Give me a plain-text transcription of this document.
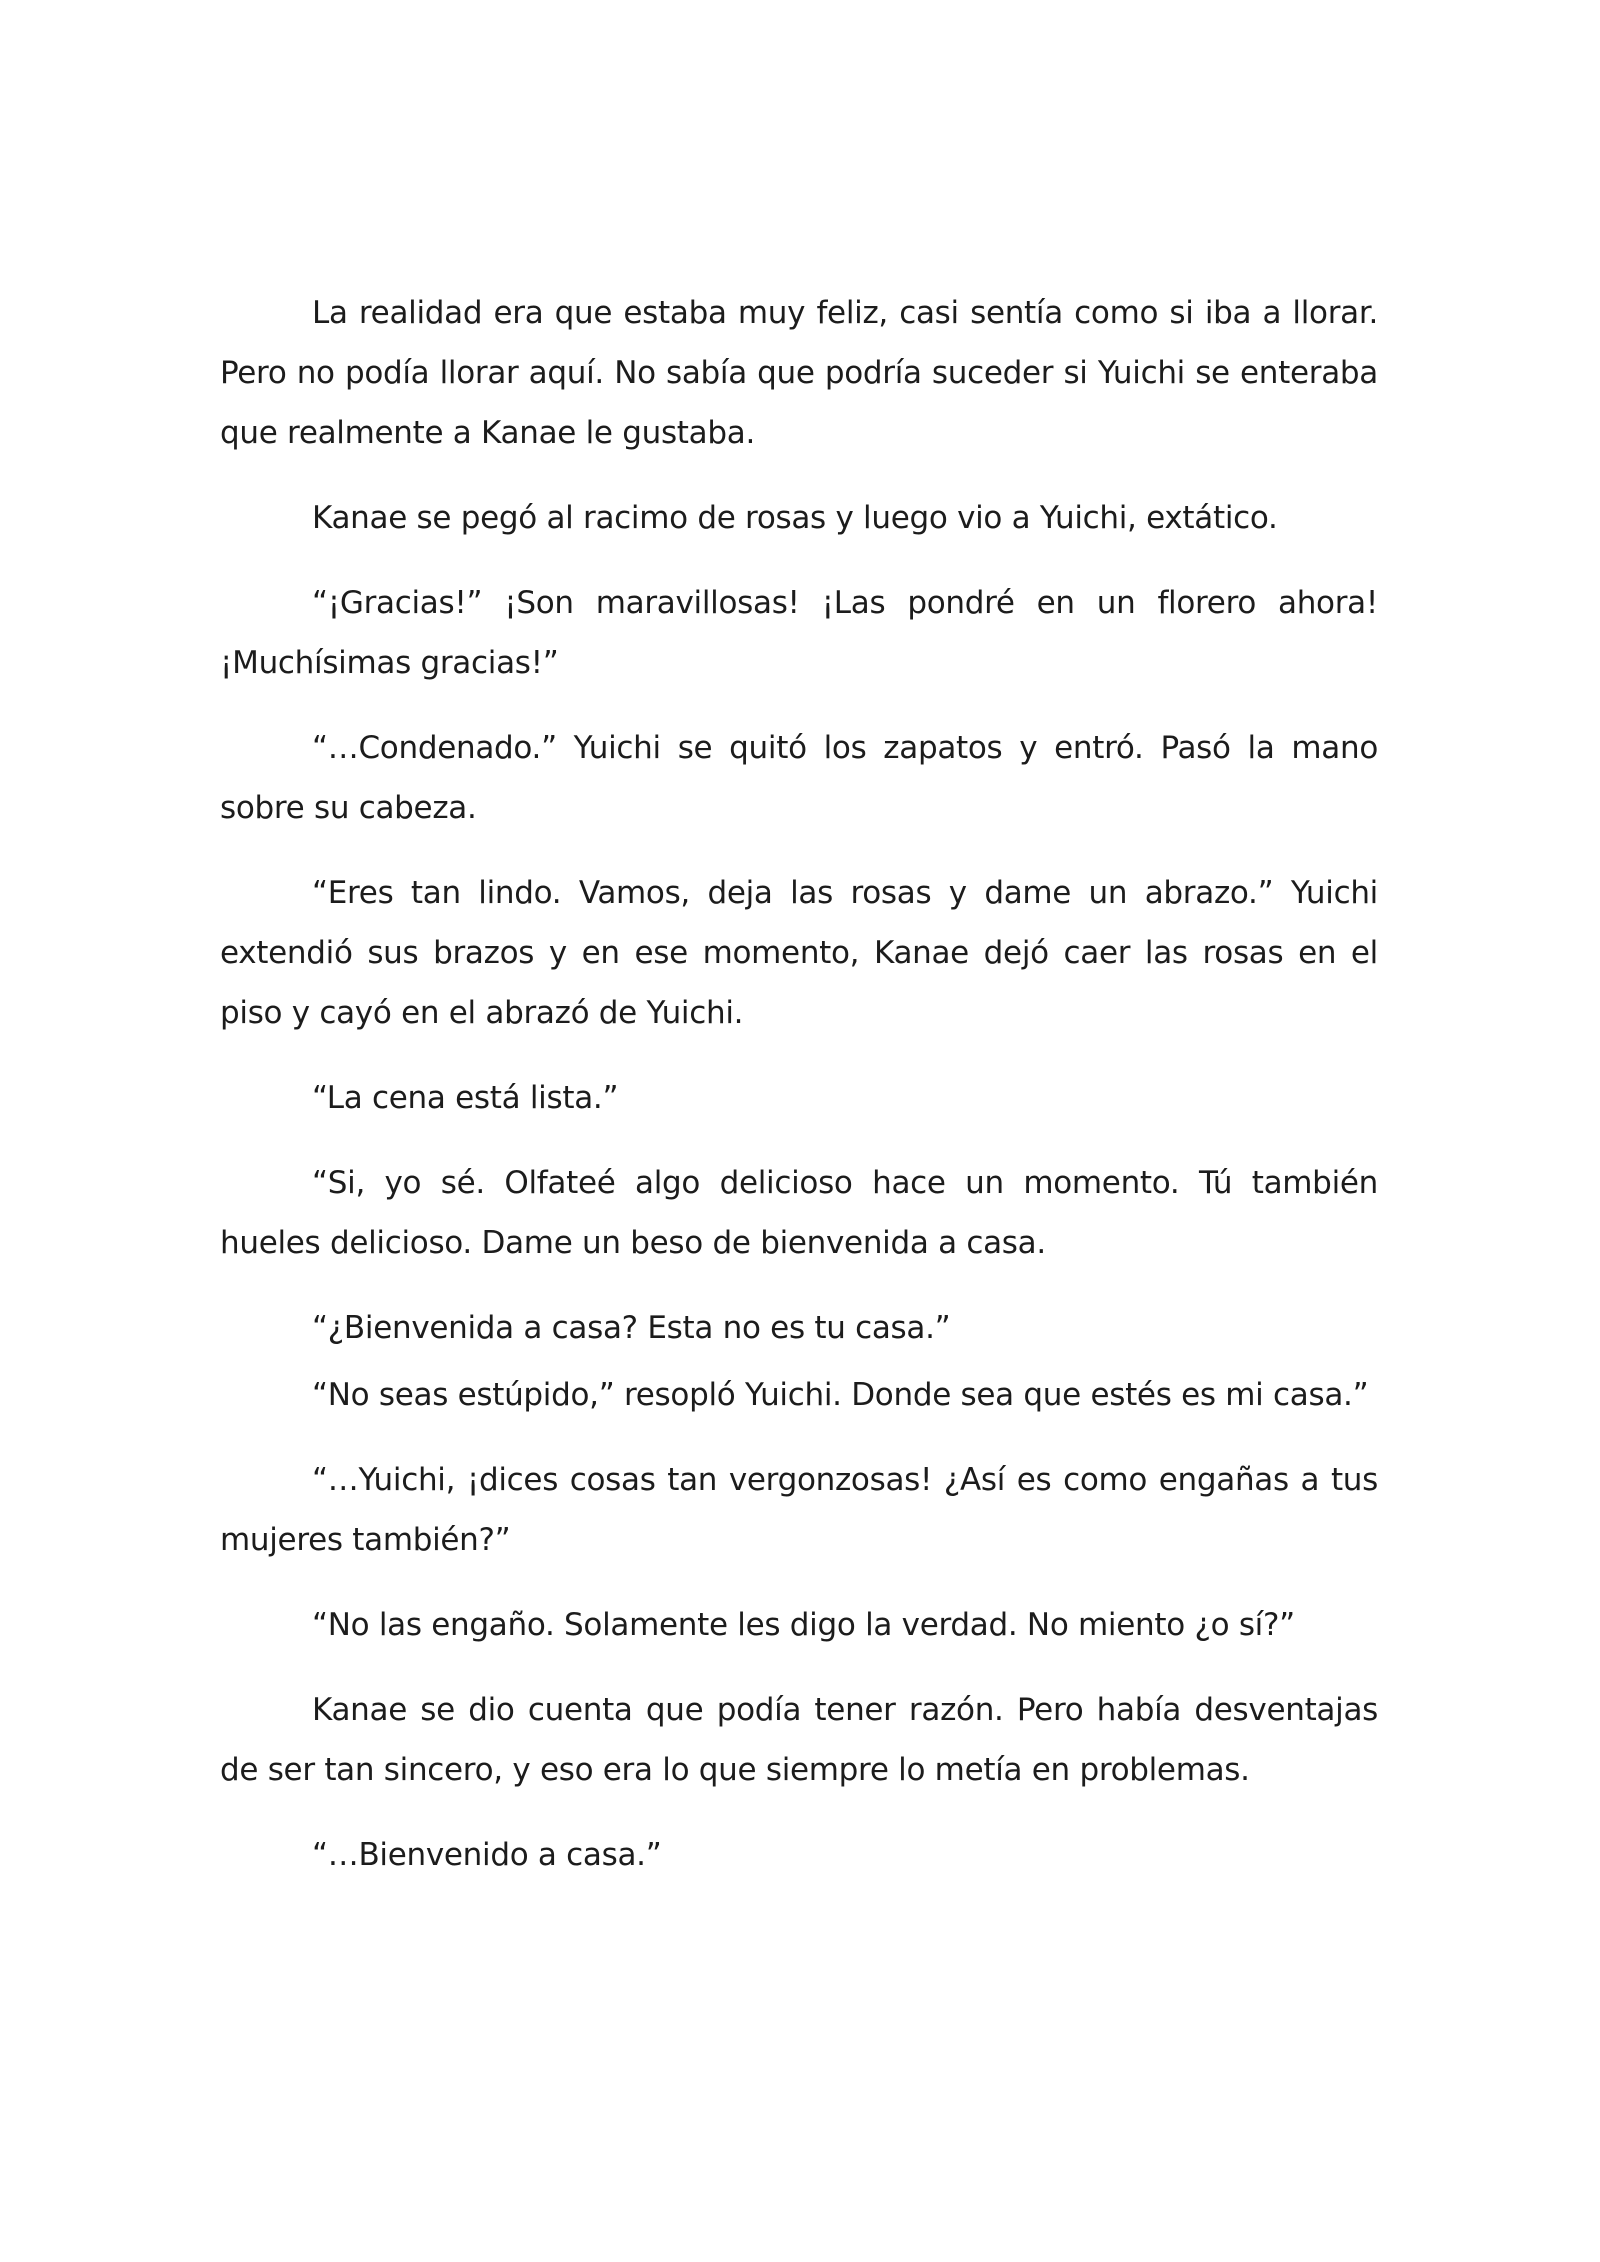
La realidad era que estaba muy feliz, casi sentía como si iba a llorar. Pero no podía llorar aquí. No sabía que podría suceder si Yuichi se enteraba que realmente a Kanae le gustaba.

Kanae se pegó al racimo de rosas y luego vio a Yuichi, extático.

“¡Gracias!” ¡Son maravillosas! ¡Las pondré en un florero ahora! ¡Muchísimas gracias!”

“…Condenado.” Yuichi se quitó los zapatos y entró. Pasó la mano sobre su cabeza.

“Eres tan lindo. Vamos, deja las rosas y dame un abrazo.” Yuichi extendió sus brazos y en ese momento, Kanae dejó caer las rosas en el piso y cayó en el abrazó de Yuichi.

“La cena está lista.”

“Si, yo sé. Olfateé algo delicioso hace un momento. Tú también hueles delicioso. Dame un beso de bienvenida a casa.

“¿Bienvenida a casa? Esta no es tu casa.”

“No seas estúpido,” resopló Yuichi. Donde sea que estés es mi casa.”

“…Yuichi, ¡dices cosas tan vergonzosas! ¿Así es como engañas a tus mujeres también?”

“No las engaño. Solamente les digo la verdad. No miento ¿o sí?”

Kanae se dio cuenta que podía tener razón. Pero había desventajas de ser tan sincero, y eso era lo que siempre lo metía en problemas.

“…Bienvenido a casa.”
